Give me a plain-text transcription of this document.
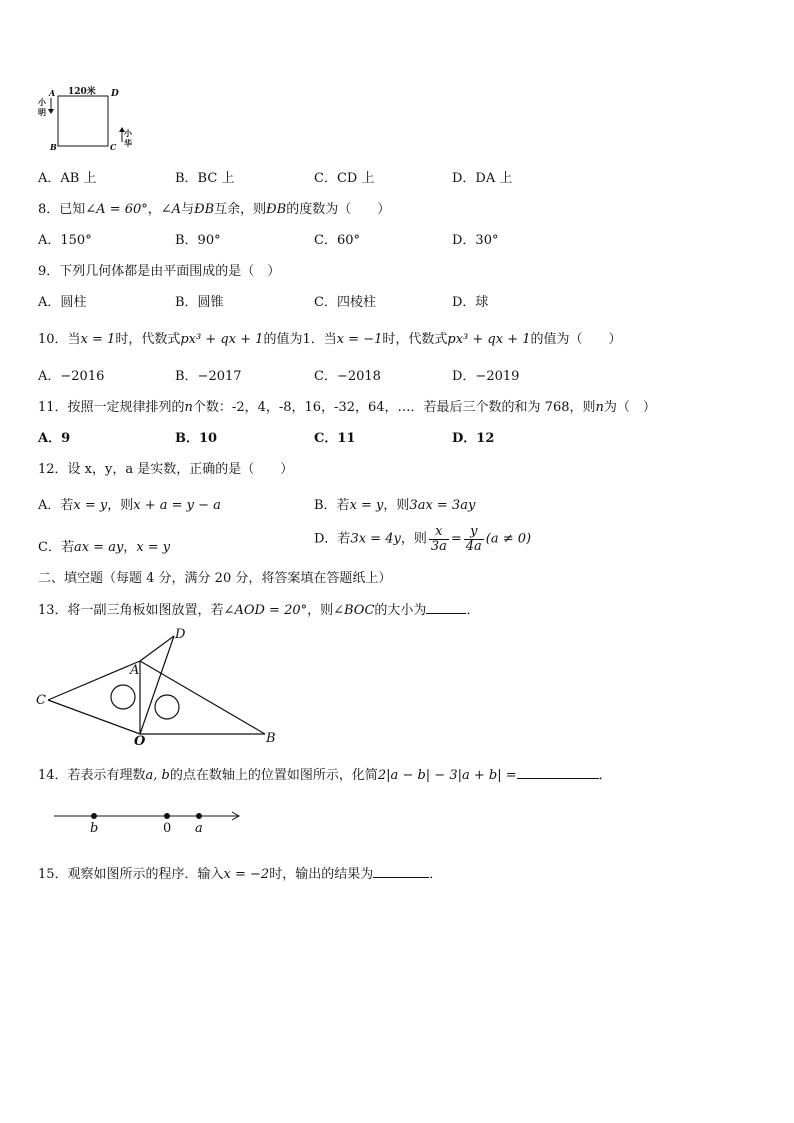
120米
A	D
B	C
小
明
小
华
A．AB 上	B．BC 上	C．CD 上	D．DA 上
8．已知∠A = 60°，∠A与ÐB互余，则ÐB的度数为（　　）
A．150°	B．90°	C．60°	D．30°
9．下列几何体都是由平面围成的是（　）
A．圆柱	B．圆锥	C．四棱柱	D．球
10．当x = 1时，代数式px³ + qx + 1的值为1．当x = −1时，代数式px³ + qx + 1的值为（　　）
A．−2016	B．−2017	C．−2018	D．−2019
11．按照一定规律排列的n个数：-2，4，-8，16，-32，64，…．若最后三个数的和为 768，则n为（　）
A．9	B．10	C．11	D．12
12．设 x，y，a 是实数，正确的是（　　）
A．若x = y，则x + a = y − a	B．若x = y，则3ax = 3ay
C．若ax = ay，x = y
D．若3x = 4y，则 $\frac{x}{3a} = \frac{y}{4a} (a \ne 0)$
二、填空题（每题 4 分，满分 20 分，将答案填在答题纸上）
13．将一副三角板如图放置，若∠AOD = 20°，则∠BOC的大小为	．
D
A
C
O	B
14．若表示有理数a, b的点在数轴上的位置如图所示，化简2|a − b| − 3|a + b| =	．
b	0 a
15．观察如图所示的程序．输入x = −2时，输出的结果为	．
